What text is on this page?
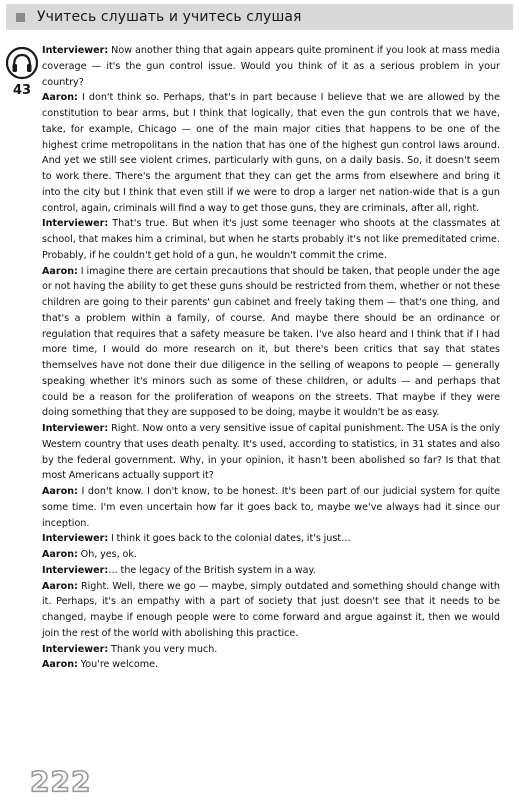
Учитесь слушать и учитесь слушая
43

Interviewer: Now another thing that again appears quite prominent if you look at mass media coverage — it's the gun control issue. Would you think of it as a serious problem in your country?

Aaron: I don't think so. Perhaps, that's in part because I believe that we are allowed by the constitution to bear arms, but I think that logically, that even the gun controls that we have, take, for example, Chicago — one of the main major cities that happens to be one of the highest crime metropolitans in the nation that has one of the highest gun control laws around. And yet we still see violent crimes, particularly with guns, on a daily basis. So, it doesn't seem to work there. There's the argument that they can get the arms from elsewhere and bring it into the city but I think that even still if we were to drop a larger net nation-wide that is a gun control, again, criminals will find a way to get those guns, they are criminals, after all, right.

Interviewer: That's true. But when it's just some teenager who shoots at the classmates at school, that makes him a criminal, but when he starts probably it's not like premeditated crime. Probably, if he couldn't get hold of a gun, he wouldn't commit the crime.

Aaron: I imagine there are certain precautions that should be taken, that people under the age or not having the ability to get these guns should be restricted from them, whether or not these children are going to their parents' gun cabinet and freely taking them — that's one thing, and that's a problem within a family, of course. And maybe there should be an ordinance or regulation that requires that a safety measure be taken. I've also heard and I think that if I had more time, I would do more research on it, but there's been critics that say that states themselves have not done their due diligence in the selling of weapons to people — generally speaking whether it's minors such as some of these children, or adults — and perhaps that could be a reason for the proliferation of weapons on the streets. That maybe if they were doing something that they are supposed to be doing, maybe it wouldn't be as easy.

Interviewer: Right. Now onto a very sensitive issue of capital punishment. The USA is the only Western country that uses death penalty. It's used, according to statistics, in 31 states and also by the federal government. Why, in your opinion, it hasn't been abolished so far? Is that that most Americans actually support it?

Aaron: I don't know. I don't know, to be honest. It's been part of our judicial system for quite some time. I'm even uncertain how far it goes back to, maybe we've always had it since our inception.

Interviewer: I think it goes back to the colonial dates, it's just…

Aaron: Oh, yes, ok.

Interviewer:… the legacy of the British system in a way.

Aaron: Right. Well, there we go — maybe, simply outdated and something should change with it. Perhaps, it's an empathy with a part of society that just doesn't see that it needs to be changed, maybe if enough people were to come forward and argue against it, then we would join the rest of the world with abolishing this practice.

Interviewer: Thank you very much.

Aaron: You're welcome.

222
